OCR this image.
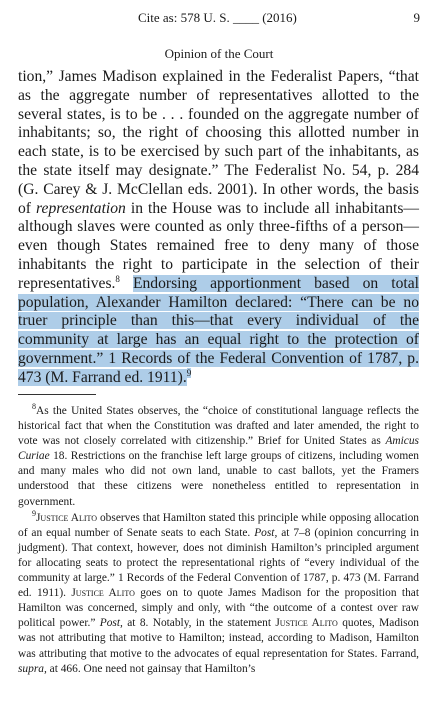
Cite as: 578 U. S. ____ (2016)	9
Opinion of the Court

tion,” James Madison explained in the Federalist Papers, “that as the aggregate number of representatives allotted to the several states, is to be . . . founded on the aggregate number of inhabitants; so, the right of choosing this allotted number in each state, is to be exercised by such part of the inhabitants, as the state itself may designate.” The Federalist No. 54, p. 284 (G. Carey & J. McClellan eds. 2001). In other words, the basis of representation in the House was to include all inhabitants—although slaves were counted as only three-fifths of a person—even though States remained free to deny many of those inhabitants the right to participate in the selection of their representatives.$^8$ Endorsing apportionment based on total population, Alexander Hamilton declared: “There can be no truer principle than this—that every individual of the community at large has an equal right to the protection of government.” 1 Records of the Federal Convention of 1787, p. 473 (M. Farrand ed. 1911).$^9$

$^8$As the United States observes, the “choice of constitutional language reflects the historical fact that when the Constitution was drafted and later amended, the right to vote was not closely correlated with citizenship.” Brief for United States as Amicus Curiae 18. Restrictions on the franchise left large groups of citizens, including women and many males who did not own land, unable to cast ballots, yet the Framers understood that these citizens were nonetheless entitled to representation in government.

$^9$Justice Alito observes that Hamilton stated this principle while opposing allocation of an equal number of Senate seats to each State. Post, at 7–8 (opinion concurring in judgment). That context, however, does not diminish Hamilton’s principled argument for allocating seats to protect the representational rights of “every individual of the community at large.” 1 Records of the Federal Convention of 1787, p. 473 (M. Farrand ed. 1911). Justice Alito goes on to quote James Madison for the proposition that Hamilton was concerned, simply and only, with “the outcome of a contest over raw political power.” Post, at 8. Notably, in the statement Justice Alito quotes, Madison was not attributing that motive to Hamilton; instead, according to Madison, Hamilton was attributing that motive to the advocates of equal representation for States. Farrand, supra, at 466. One need not gainsay that Hamilton’s
